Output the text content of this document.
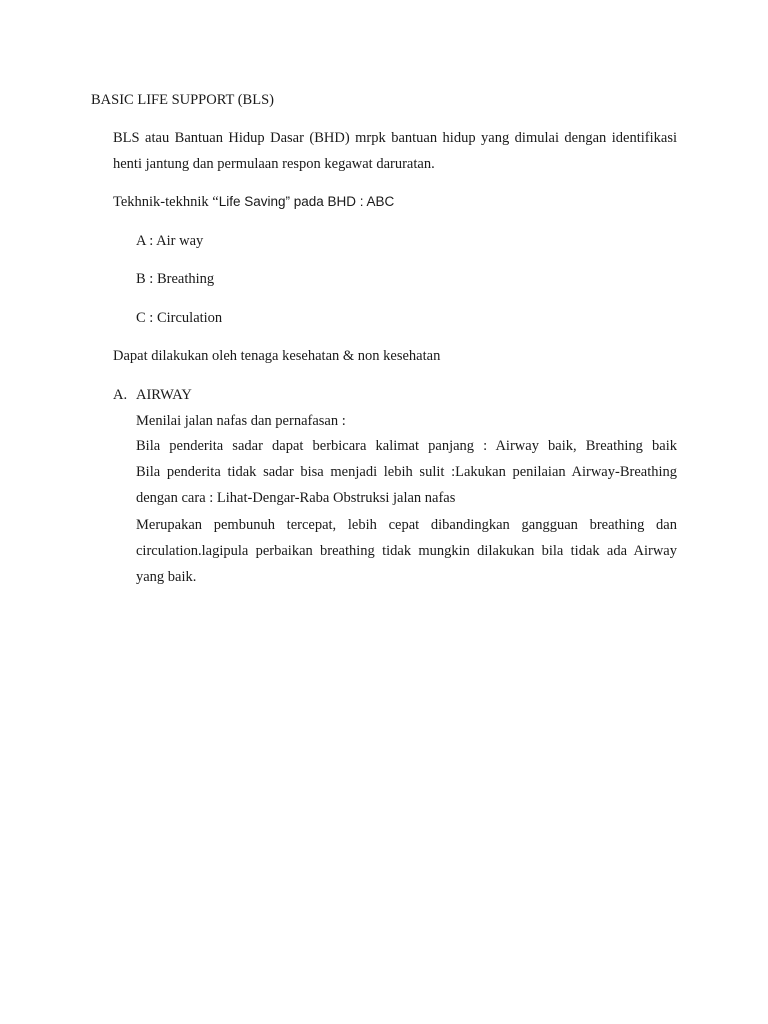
BASIC LIFE SUPPORT (BLS)
BLS atau Bantuan Hidup Dasar (BHD) mrpk bantuan hidup yang dimulai dengan identifikasi
henti jantung dan permulaan respon kegawat daruratan.
Tekhnik-tekhnik “Life Saving” pada BHD : ABC
A : Air way
B : Breathing
C : Circulation
Dapat dilakukan oleh tenaga kesehatan & non kesehatan
A. AIRWAY
Menilai jalan nafas dan pernafasan :
Bila penderita sadar dapat berbicara kalimat panjang : Airway baik, Breathing baik
Bila penderita tidak sadar bisa menjadi lebih sulit :Lakukan penilaian Airway-Breathing
dengan cara : Lihat-Dengar-Raba Obstruksi jalan nafas
Merupakan pembunuh tercepat, lebih cepat dibandingkan gangguan breathing dan
circulation.lagipula perbaikan breathing tidak mungkin dilakukan bila tidak ada Airway
yang baik.
